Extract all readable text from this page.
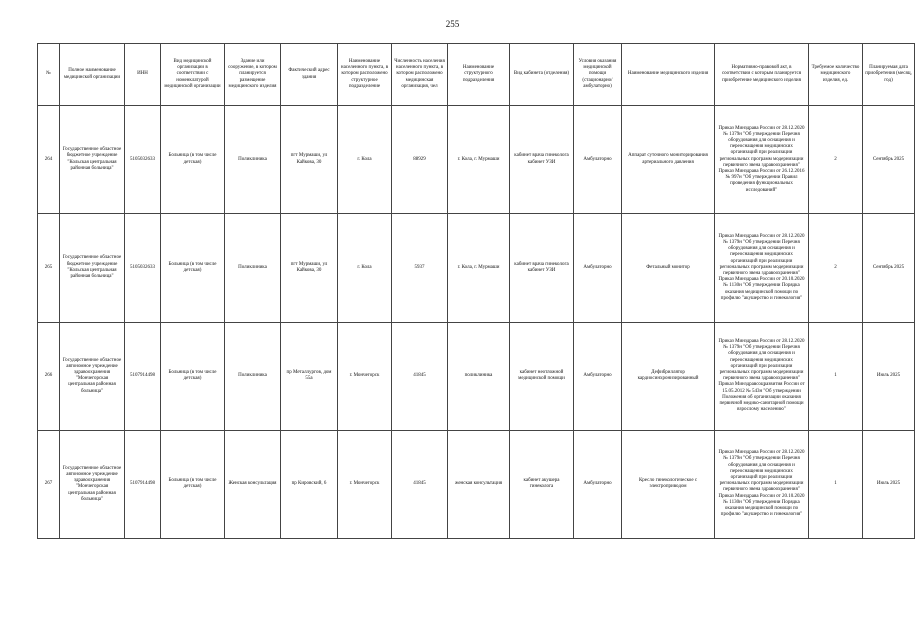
255
№	Полное наименование медицинской организации	ИНН	Вид медицинской организации в соответствии с номенклатурой медицинской организации	Здание или сооружение, в котором планируется размещение медицинского изделия	Фактический адрес здания	Наименование населенного пункта, в котором расположено структурное подразделение	Численность населения населенного пункта, в котором расположено медицинская организация, чел	Наименование структурного подразделения	Вид кабинета (отделения)	Условия оказания медицинской помощи (стационарно/амбулаторно)	Наименование медицинского изделия	Нормативно-правовой акт, в соответствии с которым планируется приобретение медицинского изделия	Требуемое количество медицинского изделия, ед.	Планируемая дата приобретения (месяц, год)
264	Государственное областное бюджетное учреждение "Кольская центральная районная больница"	5105032633	Больница (в том числе детская)	Поликлиника	пгт Мурмаши, ул Кайкова, 30	г. Кола	88929	г. Кола, г. Мурмаши	кабинет врача гинеколога кабинет УЗИ	Амбулаторно	Аппарат суточного мониторирования артериального давления	Приказ Минздрава России от 28.12.2020 № 1379н "Об утверждении Перечня оборудования для оснащения и переоснащения медицинских организаций при реализации региональных программ модернизации первичного звена здравоохранения" Приказ Минздрава России от 26.12.2016 № 997н "Об утверждении Правил проведения функциональных исследований"	2	Сентябрь 2025
265	Государственное областное бюджетное учреждение "Кольская центральная районная больница"	5105032633	Больница (в том числе детская)	Поликлиника	пгт Мурмаши, ул Кайкова, 30	г. Кола	5937	г. Кола, г. Мурмаши	кабинет врача гинеколога кабинет УЗИ	Амбулаторно	Фетальный монитор	Приказ Минздрава России от 28.12.2020 № 1379н "Об утверждении Перечня оборудования для оснащения и переоснащения медицинских организаций при реализации региональных программ модернизации первичного звена здравоохранения" Приказ Минздрава России от 20.10.2020 № 1130н "Об утверждении Порядка оказания медицинской помощи по профилю "акушерство и гинекология"	2	Сентябрь 2025
266	Государственное областное автономное учреждение здравоохранения "Мончегорская центральная районная больница"	5107914498	Больница (в том числе детская)	Поликлиника	пр Металлургов, дом 55а	г. Мончегорск	41845	поликлиника	кабинет неотложной медицинской помощи	Амбулаторно	Дефибриллятор кардиосинхронизированный	Приказ Минздрава России от 28.12.2020 № 1379н "Об утверждении Перечня оборудования для оснащения и переоснащения медицинских организаций при реализации региональных программ модернизации первичного звена здравоохранения" Приказ Минздравсоцразвития России от 15.05.2012 № 543н "Об утверждении Положения об организации оказания первичной медико-санитарной помощи взрослому населению"	1	Июль 2025
267	Государственное областное автономное учреждение здравоохранения "Мончегорская центральная районная больница"	5107914498	Больница (в том числе детская)	Женская консультация	пр Кировский, 6	г. Мончегорск	41845	женская консультация	кабинет акушера гинеколога	Амбулаторно	Кресло гинекологическое с электроприводом	Приказ Минздрава России от 28.12.2020 № 1379н "Об утверждении Перечня оборудования для оснащения и переоснащения медицинских организаций при реализации региональных программ модернизации первичного звена здравоохранения" Приказ Минздрава России от 20.10.2020 № 1130н "Об утверждении Порядка оказания медицинской помощи по профилю "акушерство и гинекология"	1	Июль 2025
